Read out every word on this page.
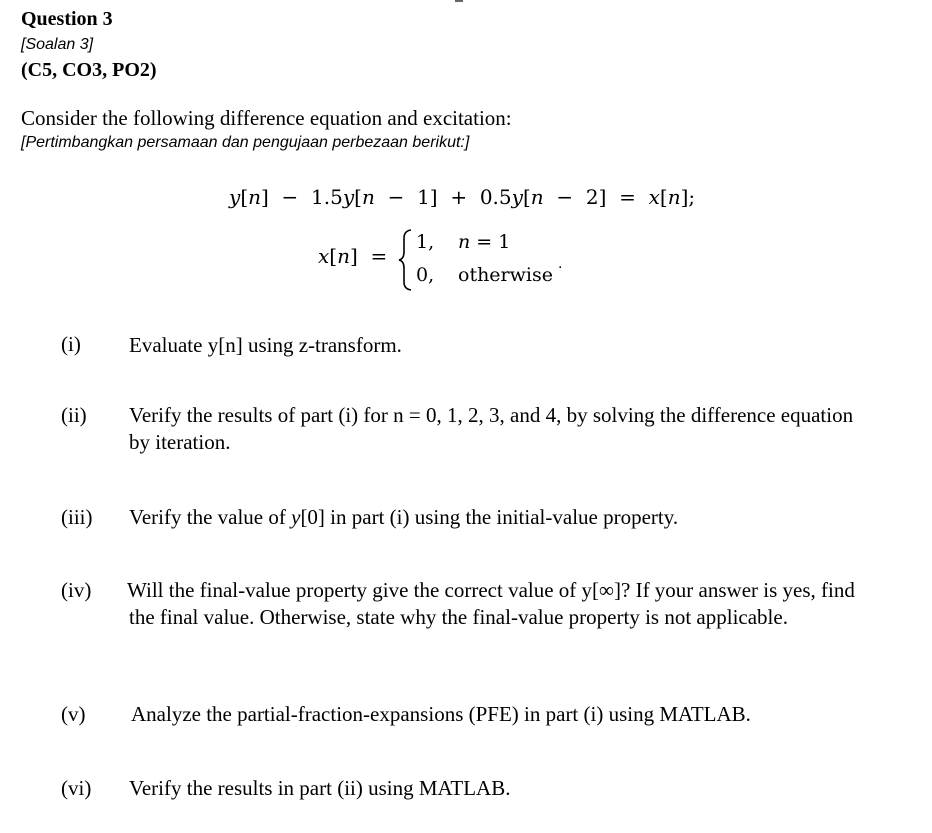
Question 3
[Soalan 3]
(C5, CO3, PO2)
Consider the following difference equation and excitation:
[Pertimbangkan persamaan dan pengujaan perbezaan berikut:]
y[n] − 1.5y[n − 1] + 0.5y[n − 2] = x[n];
x[n] =
1, n = 1
0, otherwise .
(i) Evaluate y[n] using z-transform.
(ii) Verify the results of part (i) for n = 0, 1, 2, 3, and 4, by solving the difference equation
by iteration.
(iii) Verify the value of y[0] in part (i) using the initial-value property.
(iv) Will the final-value property give the correct value of y[∞]? If your answer is yes, find
the final value. Otherwise, state why the final-value property is not applicable.
(v) Analyze the partial-fraction-expansions (PFE) in part (i) using MATLAB.
(vi) Verify the results in part (ii) using MATLAB.
